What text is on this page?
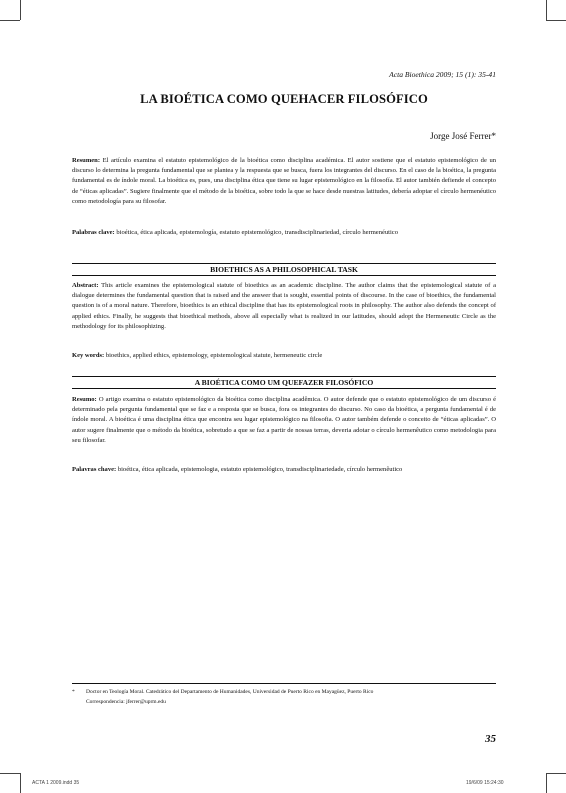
Acta Bioethica 2009; 15 (1): 35-41
LA BIOÉTICA COMO QUEHACER FILOSÓFICO
Jorge José Ferrer*
Resumen: El artículo examina el estatuto epistemológico de la bioética como disciplina académica. El autor sostiene que el estatuto epistemológico de un discurso lo determina la pregunta fundamental que se plantea y la respuesta que se busca, fuera los integrantes del discurso. En el caso de la bioética, la pregunta fundamental es de índole moral. La bioética es, pues, una disciplina ética que tiene su lugar epistemológico en la filosofía. El autor también defiende el concepto de “éticas aplicadas”. Sugiere finalmente que el método de la bioética, sobre todo la que se hace desde nuestras latitudes, debería adoptar el círculo hermenéutico como metodología para su filosofar.
Palabras clave: bioética, ética aplicada, epistemología, estatuto epistemológico, transdisciplinariedad, círculo hermenéutico
BIOETHICS AS A PHILOSOPHICAL TASK
Abstract: This article examines the epistemological statute of bioethics as an academic discipline. The author claims that the epistemological statute of a dialogue determines the fundamental question that is raised and the answer that is sought, essential points of discourse. In the case of bioethics, the fundamental question is of a moral nature. Therefore, bioethics is an ethical discipline that has its epistemological roots in philosophy. The author also defends the concept of applied ethics. Finally, he suggests that bioethical methods, above all especially what is realized in our latitudes, should adopt the Hermeneutic Circle as the methodology for its philosophizing.
Key words: bioethics, applied ethics, epistemology, epistemological statute, hermeneutic circle
A BIOÉTICA COMO UM QUEFAZER FILOSÓFICO
Resumo: O artigo examina o estatuto epistemológico da bioética como disciplina acadêmica. O autor defende que o estatuto epistemológico de um discurso é determinado pela pergunta fundamental que se faz e a resposta que se busca, fora os integrantes do discurso. No caso da bioética, a pergunta fundamental é de índole moral. A bioética é uma disciplina ética que encontra seu lugar epistemológico na filosofia. O autor também defende o conceito de “éticas aplicadas”. O autor sugere finalmente que o método da bioética, sobretudo a que se faz a partir de nossas terras, deveria adotar o círculo hermenêutico como metodologia para seu filosofar.
Palavras chave: bioética, ética aplicada, epistemologia, estatuto epistemológico, transdisciplinariedade, círculo hermenêutico
* Doctor en Teología Moral. Catedrático del Departamento de Humanidades, Universidad de Puerto Rico en Mayagüez, Puerto Rico
Correspondencia: jferrer@uprm.edu
35
ACTA 1 2009.indd 35	19/6/09 15:24:30
